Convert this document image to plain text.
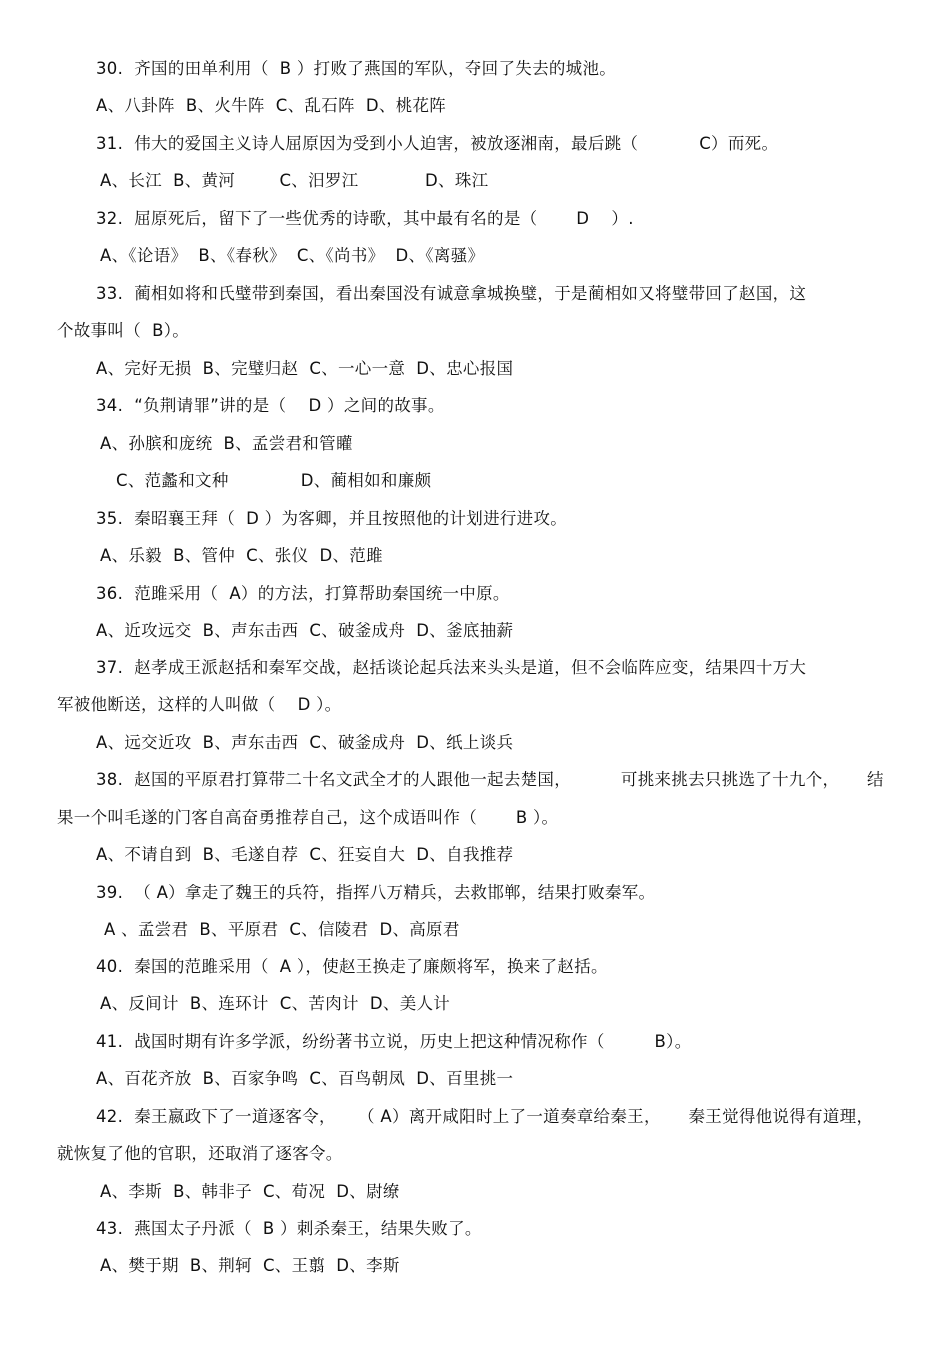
30.  齐国的田单利用（  B ）打败了燕国的军队，夺回了失去的城池。
A、八卦阵  B、火牛阵  C、乱石阵  D、桃花阵
31.  伟大的爱国主义诗人屈原因为受到小人迫害，被放逐湘南，最后跳（           C）而死。
A、长江  B、黄河        C、汨罗江            D、珠江
32.  屈原死后，留下了一些优秀的诗歌，其中最有名的是（       D    ）.
A、《论语》  B、《春秋》  C、《尚书》  D、《离骚》
33.  蔺相如将和氏璧带到秦国，看出秦国没有诚意拿城换璧，于是蔺相如又将璧带回了赵国，这
个故事叫（  B）。
A、完好无损  B、完璧归赵  C、一心一意  D、忠心报国
34.  “负荆请罪”讲的是（    D ）之间的故事。
A、孙膑和庞统  B、孟尝君和管矔
C、范蠡和文种             D、蔺相如和廉颇
35.  秦昭襄王拜（  D ）为客卿，并且按照他的计划进行进攻。
A、乐毅  B、管仲  C、张仪  D、范雎
36.  范雎采用（  A）的方法，打算帮助秦国统一中原。
A、近攻远交  B、声东击西  C、破釜成舟  D、釜底抽薪
37.  赵孝成王派赵括和秦军交战，赵括谈论起兵法来头头是道，但不会临阵应变，结果四十万大
军被他断送，这样的人叫做（    D ）。
A、远交近攻  B、声东击西  C、破釜成舟  D、纸上谈兵
38.  赵国的平原君打算带二十名文武全才的人跟他一起去楚国，         可挑来挑去只挑选了十九个，     结
果一个叫毛遂的门客自高奋勇推荐自己，这个成语叫作（       B ）。
A、不请自到  B、毛遂自荐  C、狂妄自大  D、自我推荐
39.  （ A）拿走了魏王的兵符，指挥八万精兵，去救邯郸，结果打败秦军。
A 、孟尝君  B、平原君  C、信陵君  D、高原君
40.  秦国的范雎采用（  A ），使赵王换走了廉颇将军，换来了赵括。
A、反间计  B、连环计  C、苦肉计  D、美人计
41.  战国时期有许多学派，纷纷著书立说，历史上把这种情况称作（         B）。
A、百花齐放  B、百家争鸣  C、百鸟朝凤  D、百里挑一
42.  秦王嬴政下了一道逐客令，    （ A）离开咸阳时上了一道奏章给秦王，     秦王觉得他说得有道理，
就恢复了他的官职，还取消了逐客令。
A、李斯  B、韩非子  C、荀况  D、尉缭
43.  燕国太子丹派（  B ）刺杀秦王，结果失败了。
A、樊于期  B、荆轲  C、王翦  D、李斯
